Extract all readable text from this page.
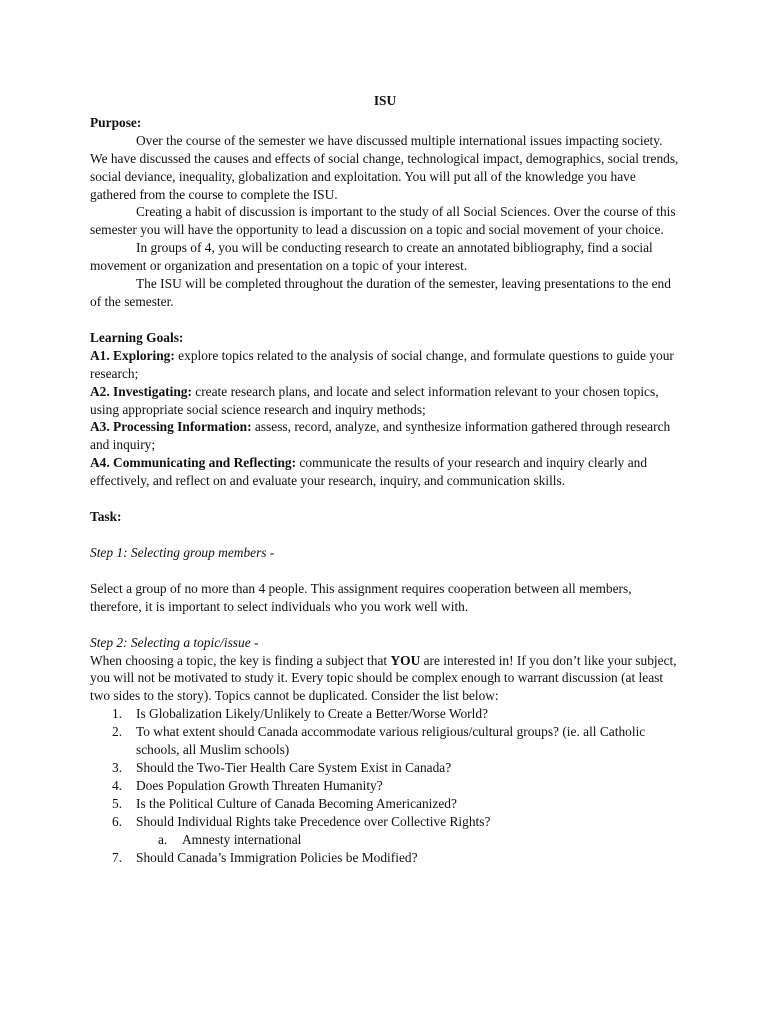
ISU

Purpose:

Over the course of the semester we have discussed multiple international issues impacting society. We have discussed the causes and effects of social change, technological impact, demographics, social trends, social deviance, inequality, globalization and exploitation. You will put all of the knowledge you have gathered from the course to complete the ISU.

Creating a habit of discussion is important to the study of all Social Sciences. Over the course of this semester you will have the opportunity to lead a discussion on a topic and social movement of your choice.

In groups of 4, you will be conducting research to create an annotated bibliography, find a social movement or organization and presentation on a topic of your interest.

The ISU will be completed throughout the duration of the semester, leaving presentations to the end of the semester.

Learning Goals:

A1. Exploring: explore topics related to the analysis of social change, and formulate questions to guide your research;

A2. Investigating: create research plans, and locate and select information relevant to your chosen topics, using appropriate social science research and inquiry methods;

A3. Processing Information: assess, record, analyze, and synthesize information gathered through research and inquiry;

A4. Communicating and Reflecting: communicate the results of your research and inquiry clearly and effectively, and reflect on and evaluate your research, inquiry, and communication skills.

Task:

Step 1: Selecting group members -

Select a group of no more than 4 people. This assignment requires cooperation between all members, therefore, it is important to select individuals who you work well with.

Step 2: Selecting a topic/issue -

When choosing a topic, the key is finding a subject that YOU are interested in! If you don’t like your subject, you will not be motivated to study it. Every topic should be complex enough to warrant discussion (at least two sides to the story). Topics cannot be duplicated. Consider the list below:

1. Is Globalization Likely/Unlikely to Create a Better/Worse World?
2. To what extent should Canada accommodate various religious/cultural groups? (ie. all Catholic schools, all Muslim schools)
3. Should the Two-Tier Health Care System Exist in Canada?
4. Does Population Growth Threaten Humanity?
5. Is the Political Culture of Canada Becoming Americanized?
6. Should Individual Rights take Precedence over Collective Rights?
a. Amnesty international
7. Should Canada’s Immigration Policies be Modified?
